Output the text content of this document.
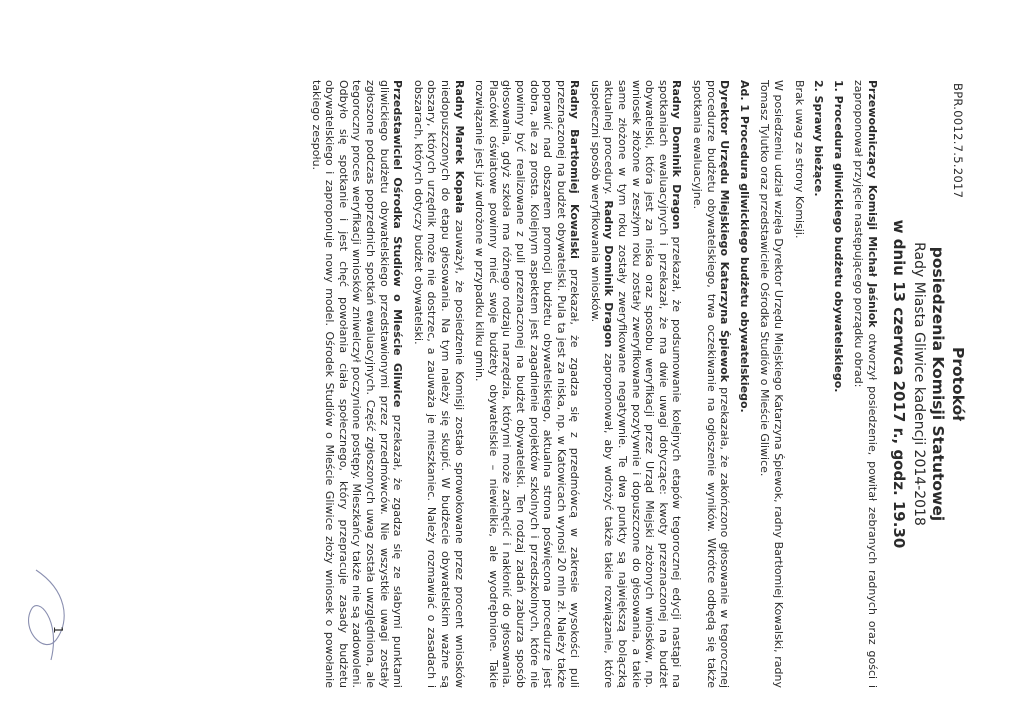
BPR.0012.7.5.2017
Protokół
posiedzenia Komisji Statutowej
Rady Miasta Gliwice kadencji 2014-2018
w dniu 13 czerwca 2017 r., godz. 19.30

Przewodniczący Komisji Michał Jaśniok otworzył posiedzenie, powitał zebranych radnych oraz gości i zaproponował przyjęcie następującego porządku obrad:

1. Procedura gliwickiego budżetu obywatelskiego.
2. Sprawy bieżące.

Brak uwag ze strony Komisji.

W posiedzeniu udział wzięła Dyrektor Urzędu Miejskiego Katarzyna Śpiewok, radny Bartłomiej Kowalski, radny Tomasz Tylutko oraz przedstawiciele Ośrodka Studiów o Mieście Gliwice.

Ad. 1 Procedura gliwickiego budżetu obywatelskiego.

Dyrektor Urzędu Miejskiego Katarzyna Śpiewok przekazała, że zakończono głosowanie w tegorocznej procedurze budżetu obywatelskiego, trwa oczekiwanie na ogłoszenie wyników. Wkrótce odbędą się także spotkania ewaluacyjne.

Radny Dominik Dragon przekazał, że podsumowanie kolejnych etapów tegorocznej edycji nastąpi na spotkaniach ewaluacyjnych i przekazał, że ma dwie uwagi dotyczące: kwoty przeznaczonej na budżet obywatelski, która jest za niska oraz sposobu weryfikacji przez Urząd Miejski złożonych wniosków, np. wniosek złożone w zeszłym roku zostały zweryfikowane pozytywnie i dopuszczone do głosowania, a takie same złożone w tym roku zostały zweryfikowane negatywnie. Te dwa punkty są największą bolączką aktualnej procedury. Radny Dominik Dragon zaproponował, aby wdrożyć także takie rozwiązanie, które uspołeczni sposób weryfikowania wniosków.

Radny Bartłomiej Kowalski przekazał, że zgadza się z przedmówcą w zakresie wysokości puli przeznaczonej na budżet obywatelski. Pula ta jest za niska, np. w Katowicach wynosi 20 mln zł. Należy także poprawić nad obszarem promocji budżetu obywatelskiego, aktualna strona poświęcona procedurze jest dobra, ale za prosta. Kolejnym aspektem jest zagadnienie projektów szkolnych i przedszkolnych, które nie powinny być realizowane z puli przeznaczonej na budżet obywatelski. Ten rodzaj zadań zaburza sposób głosowania, gdyż szkoła ma różnego rodzaju narzędzia, którymi może zachęcić i nakłonić do głosowania. Placówki oświatowe powinny mieć swoje budżety obywatelskie – niewielkie, ale wyodrębnione. Takie rozwiązanie jest już wdrożone w przypadku kilku gmin.

Radny Marek Kopała zauważył, że posiedzenie Komisji zostało sprowokowane przez procent wniosków niedopuszczonych do etapu głosowania. Na tym należy się skupić. W budżecie obywatelskim ważne są obszary, których urzędnik może nie dostrzec, a zauważa je mieszkaniec. Należy rozmawiać o zasadach i obszarach, których dotyczy budżet obywatelski.

Przedstawiciel Ośrodka Studiów o Mieście Gliwice przekazał, że zgadza się ze słabymi punktami gliwickiego budżetu obywatelskiego przedstawionymi przez przedmówców. Nie wszystkie uwagi zostały zgłoszone podczas poprzednich spotkań ewaluacyjnych. Część zgłoszonych uwag została uwzględniona, ale tegoroczny proces weryfikacji wniosków zniwelczył poczynione postępy. Mieszkańcy także nie są zadowoleni. Odbyło się spotkanie i jest chęć powołania ciała społecznego, który przepracuje zasady budżetu obywatelskiego i zaproponuje nowy model. Ośrodek Studiów o Mieście Gliwice złoży wniosek o powołanie takiego zespołu.

1
